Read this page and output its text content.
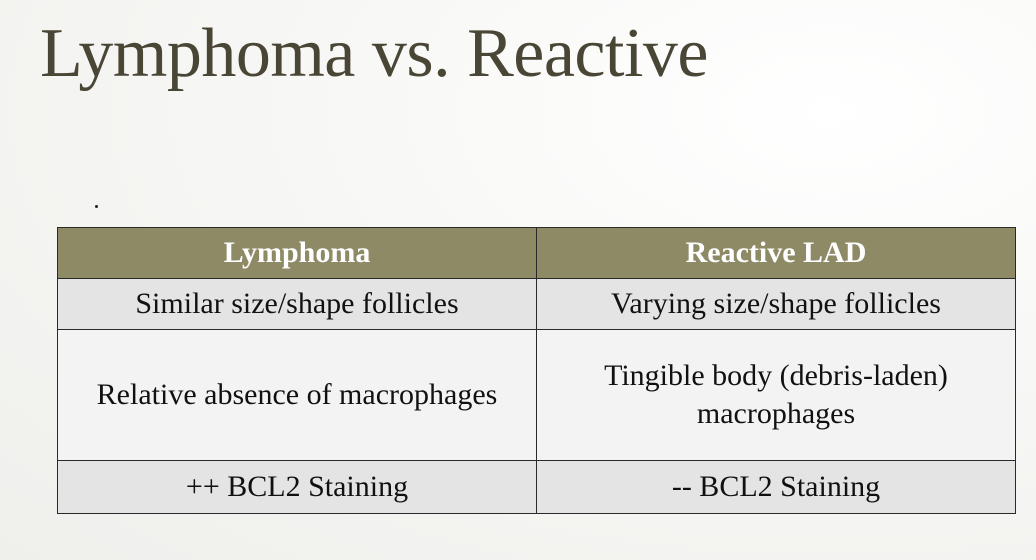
Lymphoma vs. Reactive
Lymphoma	Reactive LAD
Similar size/shape follicles	Varying size/shape follicles
Relative absence of macrophages	Tingible body (debris-laden) macrophages
++ BCL2 Staining	-- BCL2 Staining
